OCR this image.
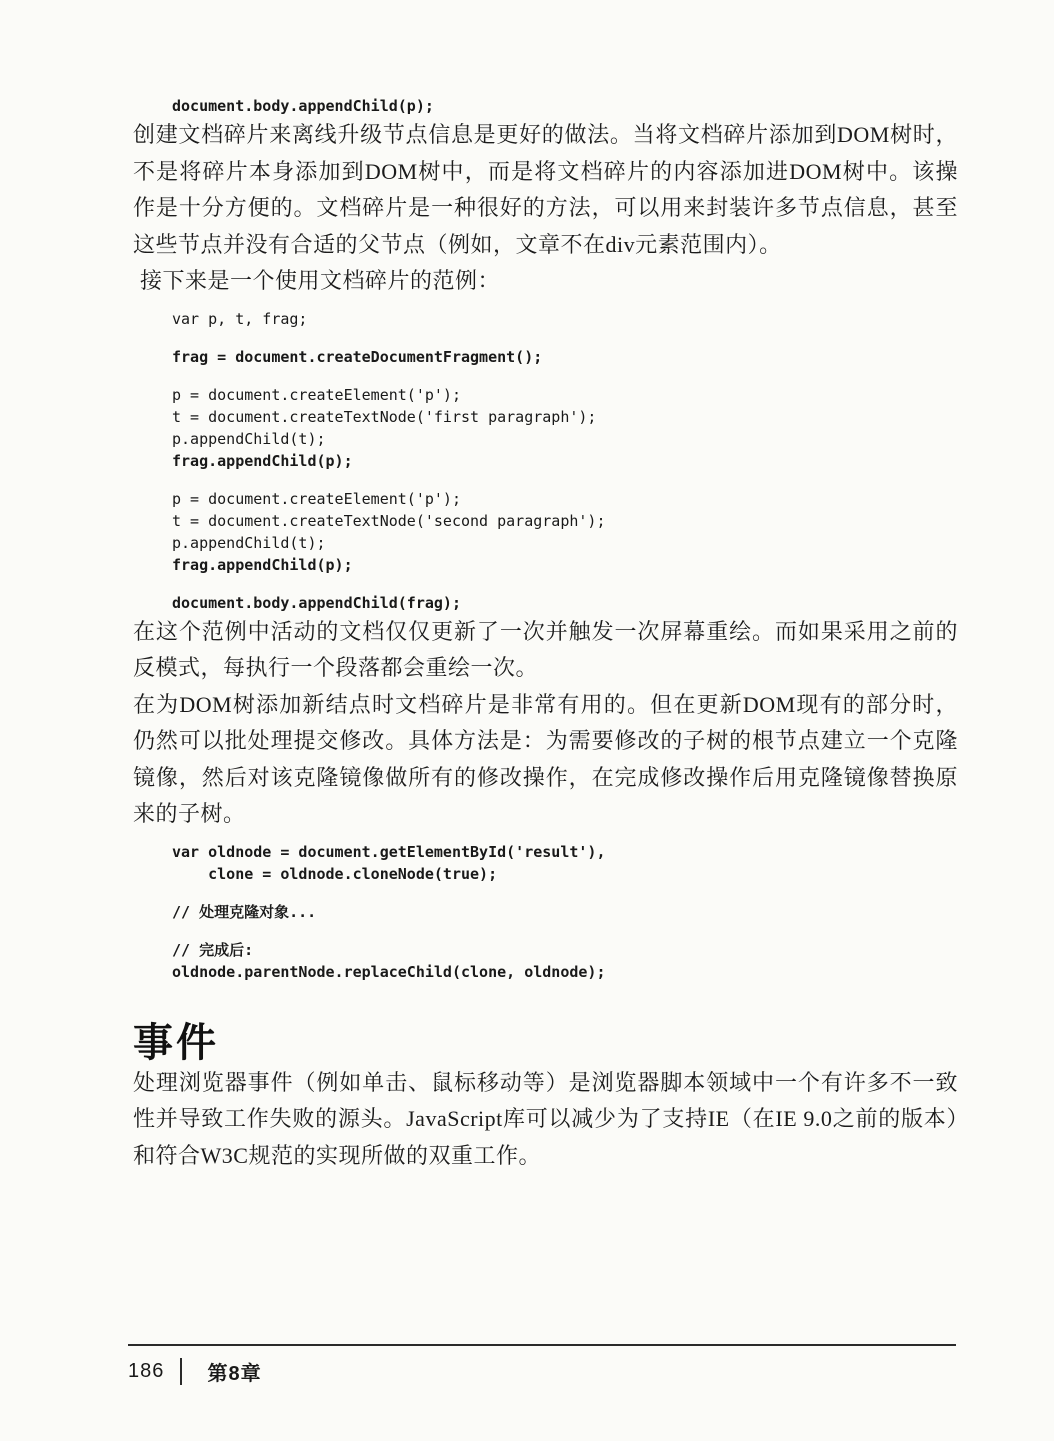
document.body.appendChild(p);

创建文档碎片来离线升级节点信息是更好的做法。当将文档碎片添加到DOM树时，不是将碎片本身添加到DOM树中，而是将文档碎片的内容添加进DOM树中。该操作是十分方便的。文档碎片是一种很好的方法，可以用来封装许多节点信息，甚至这些节点并没有合适的父节点（例如，文章不在div元素范围内）。

接下来是一个使用文档碎片的范例：

var p, t, frag;
frag = document.createDocumentFragment();
p = document.createElement('p');
t = document.createTextNode('first paragraph');
p.appendChild(t);
frag.appendChild(p);
p = document.createElement('p');
t = document.createTextNode('second paragraph');
p.appendChild(t);
frag.appendChild(p);
document.body.appendChild(frag);

在这个范例中活动的文档仅仅更新了一次并触发一次屏幕重绘。而如果采用之前的反模式，每执行一个段落都会重绘一次。

在为DOM树添加新结点时文档碎片是非常有用的。但在更新DOM现有的部分时，仍然可以批处理提交修改。具体方法是：为需要修改的子树的根节点建立一个克隆镜像，然后对该克隆镜像做所有的修改操作，在完成修改操作后用克隆镜像替换原来的子树。

var oldnode = document.getElementById('result'),
clone = oldnode.cloneNode(true);
// 处理克隆对象...
// 完成后:
oldnode.parentNode.replaceChild(clone, oldnode);
事件

处理浏览器事件（例如单击、鼠标移动等）是浏览器脚本领域中一个有许多不一致性并导致工作失败的源头。JavaScript库可以减少为了支持IE（在IE 9.0之前的版本）和符合W3C规范的实现所做的双重工作。

186	第8章
